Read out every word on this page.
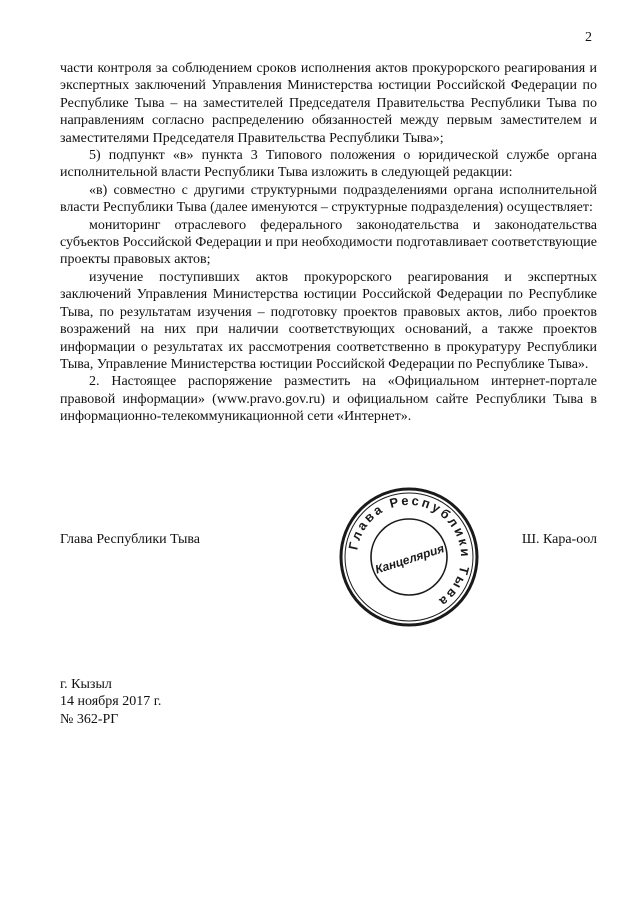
2

части контроля за соблюдением сроков исполнения актов прокурорского реагирования и экспертных заключений Управления Министерства юстиции Российской Федерации по Республике Тыва – на заместителей Председателя Правительства Республики Тыва по направлениям согласно распределению обязанностей между первым заместителем и заместителями Председателя Правительства Республики Тыва»;

5) подпункт «в» пункта 3 Типового положения о юридической службе органа исполнительной власти Республики Тыва изложить в следующей редакции:

«в) совместно с другими структурными подразделениями органа исполнительной власти Республики Тыва (далее именуются – структурные подразделения) осуществляет:

мониторинг отраслевого федерального законодательства и законодательства субъектов Российской Федерации и при необходимости подготавливает соответствующие проекты правовых актов;

изучение поступивших актов прокурорского реагирования и экспертных заключений Управления Министерства юстиции Российской Федерации по Республике Тыва, по результатам изучения – подготовку проектов правовых актов, либо проектов возражений на них при наличии соответствующих оснований, а также проектов информации о результатах их рассмотрения соответственно в прокуратуру Республики Тыва, Управление Министерства юстиции Российской Федерации по Республике Тыва».

2. Настоящее распоряжение разместить на «Официальном интернет-портале правовой информации» (www.pravo.gov.ru) и официальном сайте Республики Тыва в информационно-телекоммуникационной сети «Интернет».

Глава Республики Тыва	Ш. Кара-оол
Глава Республики Тыва
Канцелярия
г. Кызыл
14 ноября 2017 г.
№ 362-РГ
